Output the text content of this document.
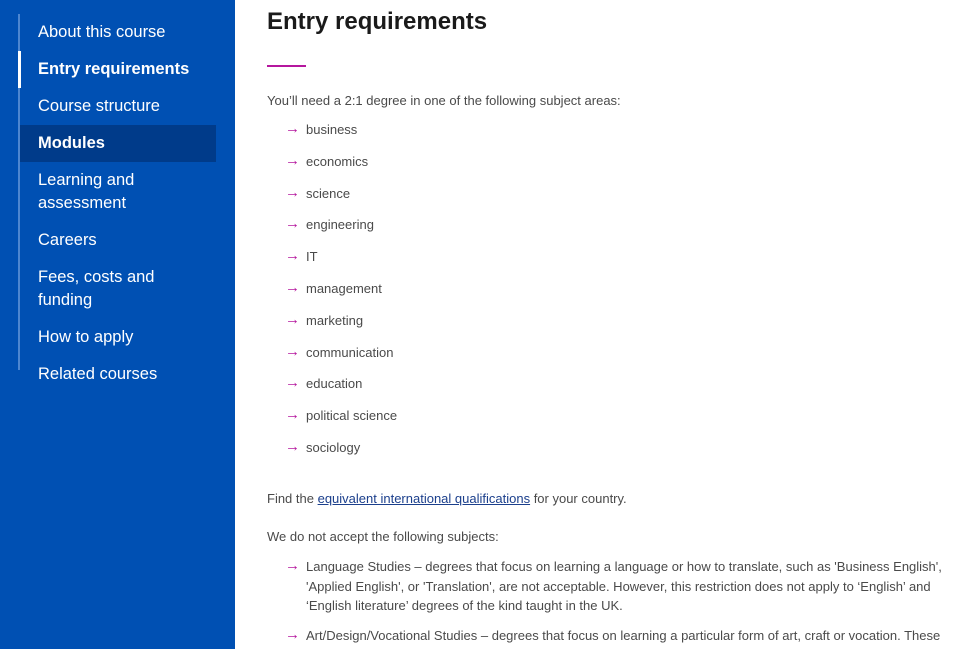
About this course
Entry requirements
Course structure
Modules
Learning and assessment
Careers
Fees, costs and funding
How to apply
Related courses
Entry requirements

You’ll need a 2:1 degree in one of the following subject areas:

→ business
→ economics
→ science
→ engineering
→ IT
→ management
→ marketing
→ communication
→ education
→ political science
→ sociology

Find the equivalent international qualifications for your country.

We do not accept the following subjects:

→ Language Studies – degrees that focus on learning a language or how to translate, such as 'Business English', 'Applied English', or 'Translation', are not acceptable. However, this restriction does not apply to ‘English’ and ‘English literature’ degrees of the kind taught in the UK.
→ Art/Design/Vocational Studies – degrees that focus on learning a particular form of art, craft or vocation. These
